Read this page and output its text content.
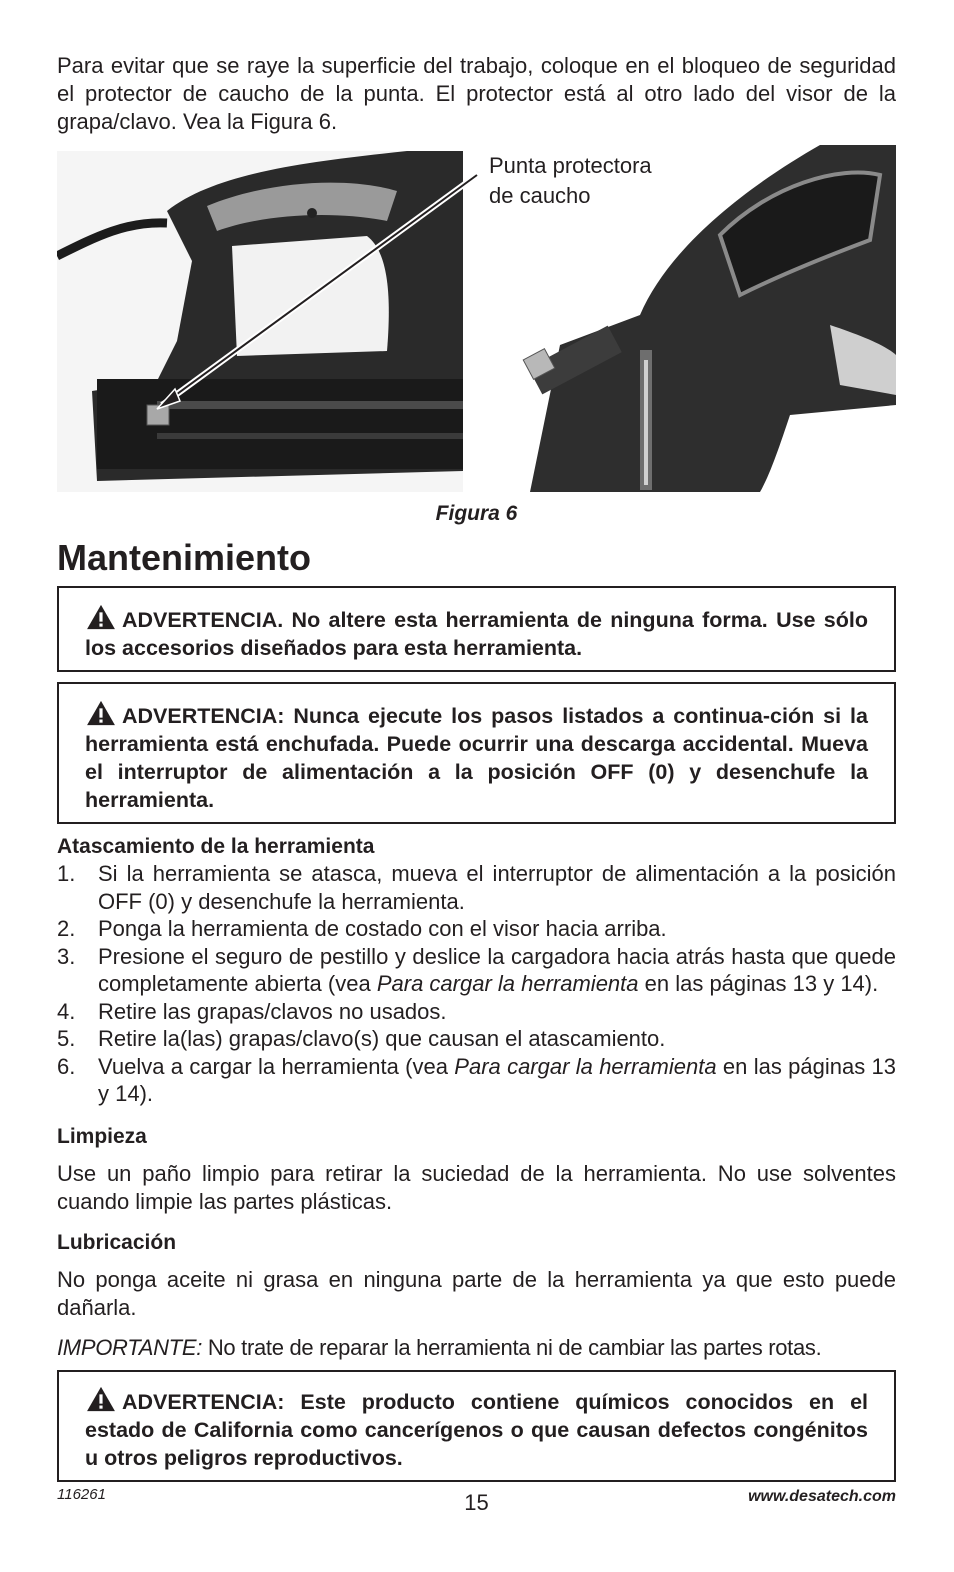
Para evitar que se raye la superficie del trabajo, coloque en el bloqueo de seguridad el protector de caucho de la punta. El protector está al otro lado del visor de la grapa/clavo. Vea la Figura 6.

Punta protectora
de caucho
Figura 6
Mantenimiento
ADVERTENCIA. No altere esta herramienta de ninguna forma. Use sólo los accesorios diseñados para esta herramienta.
ADVERTENCIA: Nunca ejecute los pasos listados a continua-ción si la herramienta está enchufada. Puede ocurrir una descarga accidental. Mueva el interruptor de alimentación a la posición OFF (0) y desenchufe la herramienta.
Atascamiento de la herramienta
1. Si la herramienta se atasca, mueva el interruptor de alimentación a la posición OFF (0) y desenchufe la herramienta.
2. Ponga la herramienta de costado con el visor hacia arriba.
3. Presione el seguro de pestillo y deslice la cargadora hacia atrás hasta que quede completamente abierta (vea Para cargar la herramienta en las páginas 13 y 14).
4. Retire las grapas/clavos no usados.
5. Retire la(las) grapas/clavo(s) que causan el atascamiento.
6. Vuelva a cargar la herramienta (vea Para cargar la herramienta en las páginas 13 y 14).
Limpieza

Use un paño limpio para retirar la suciedad de la herramienta. No use solventes cuando limpie las partes plásticas.

Lubricación

No ponga aceite ni grasa en ninguna parte de la herramienta ya que esto puede dañarla.

IMPORTANTE: No trate de reparar la herramienta ni de cambiar las partes rotas.

ADVERTENCIA: Este producto contiene químicos conocidos en el estado de California como cancerígenos o que causan defectos congénitos u otros peligros reproductivos.
116261	15	www.desatech.com
